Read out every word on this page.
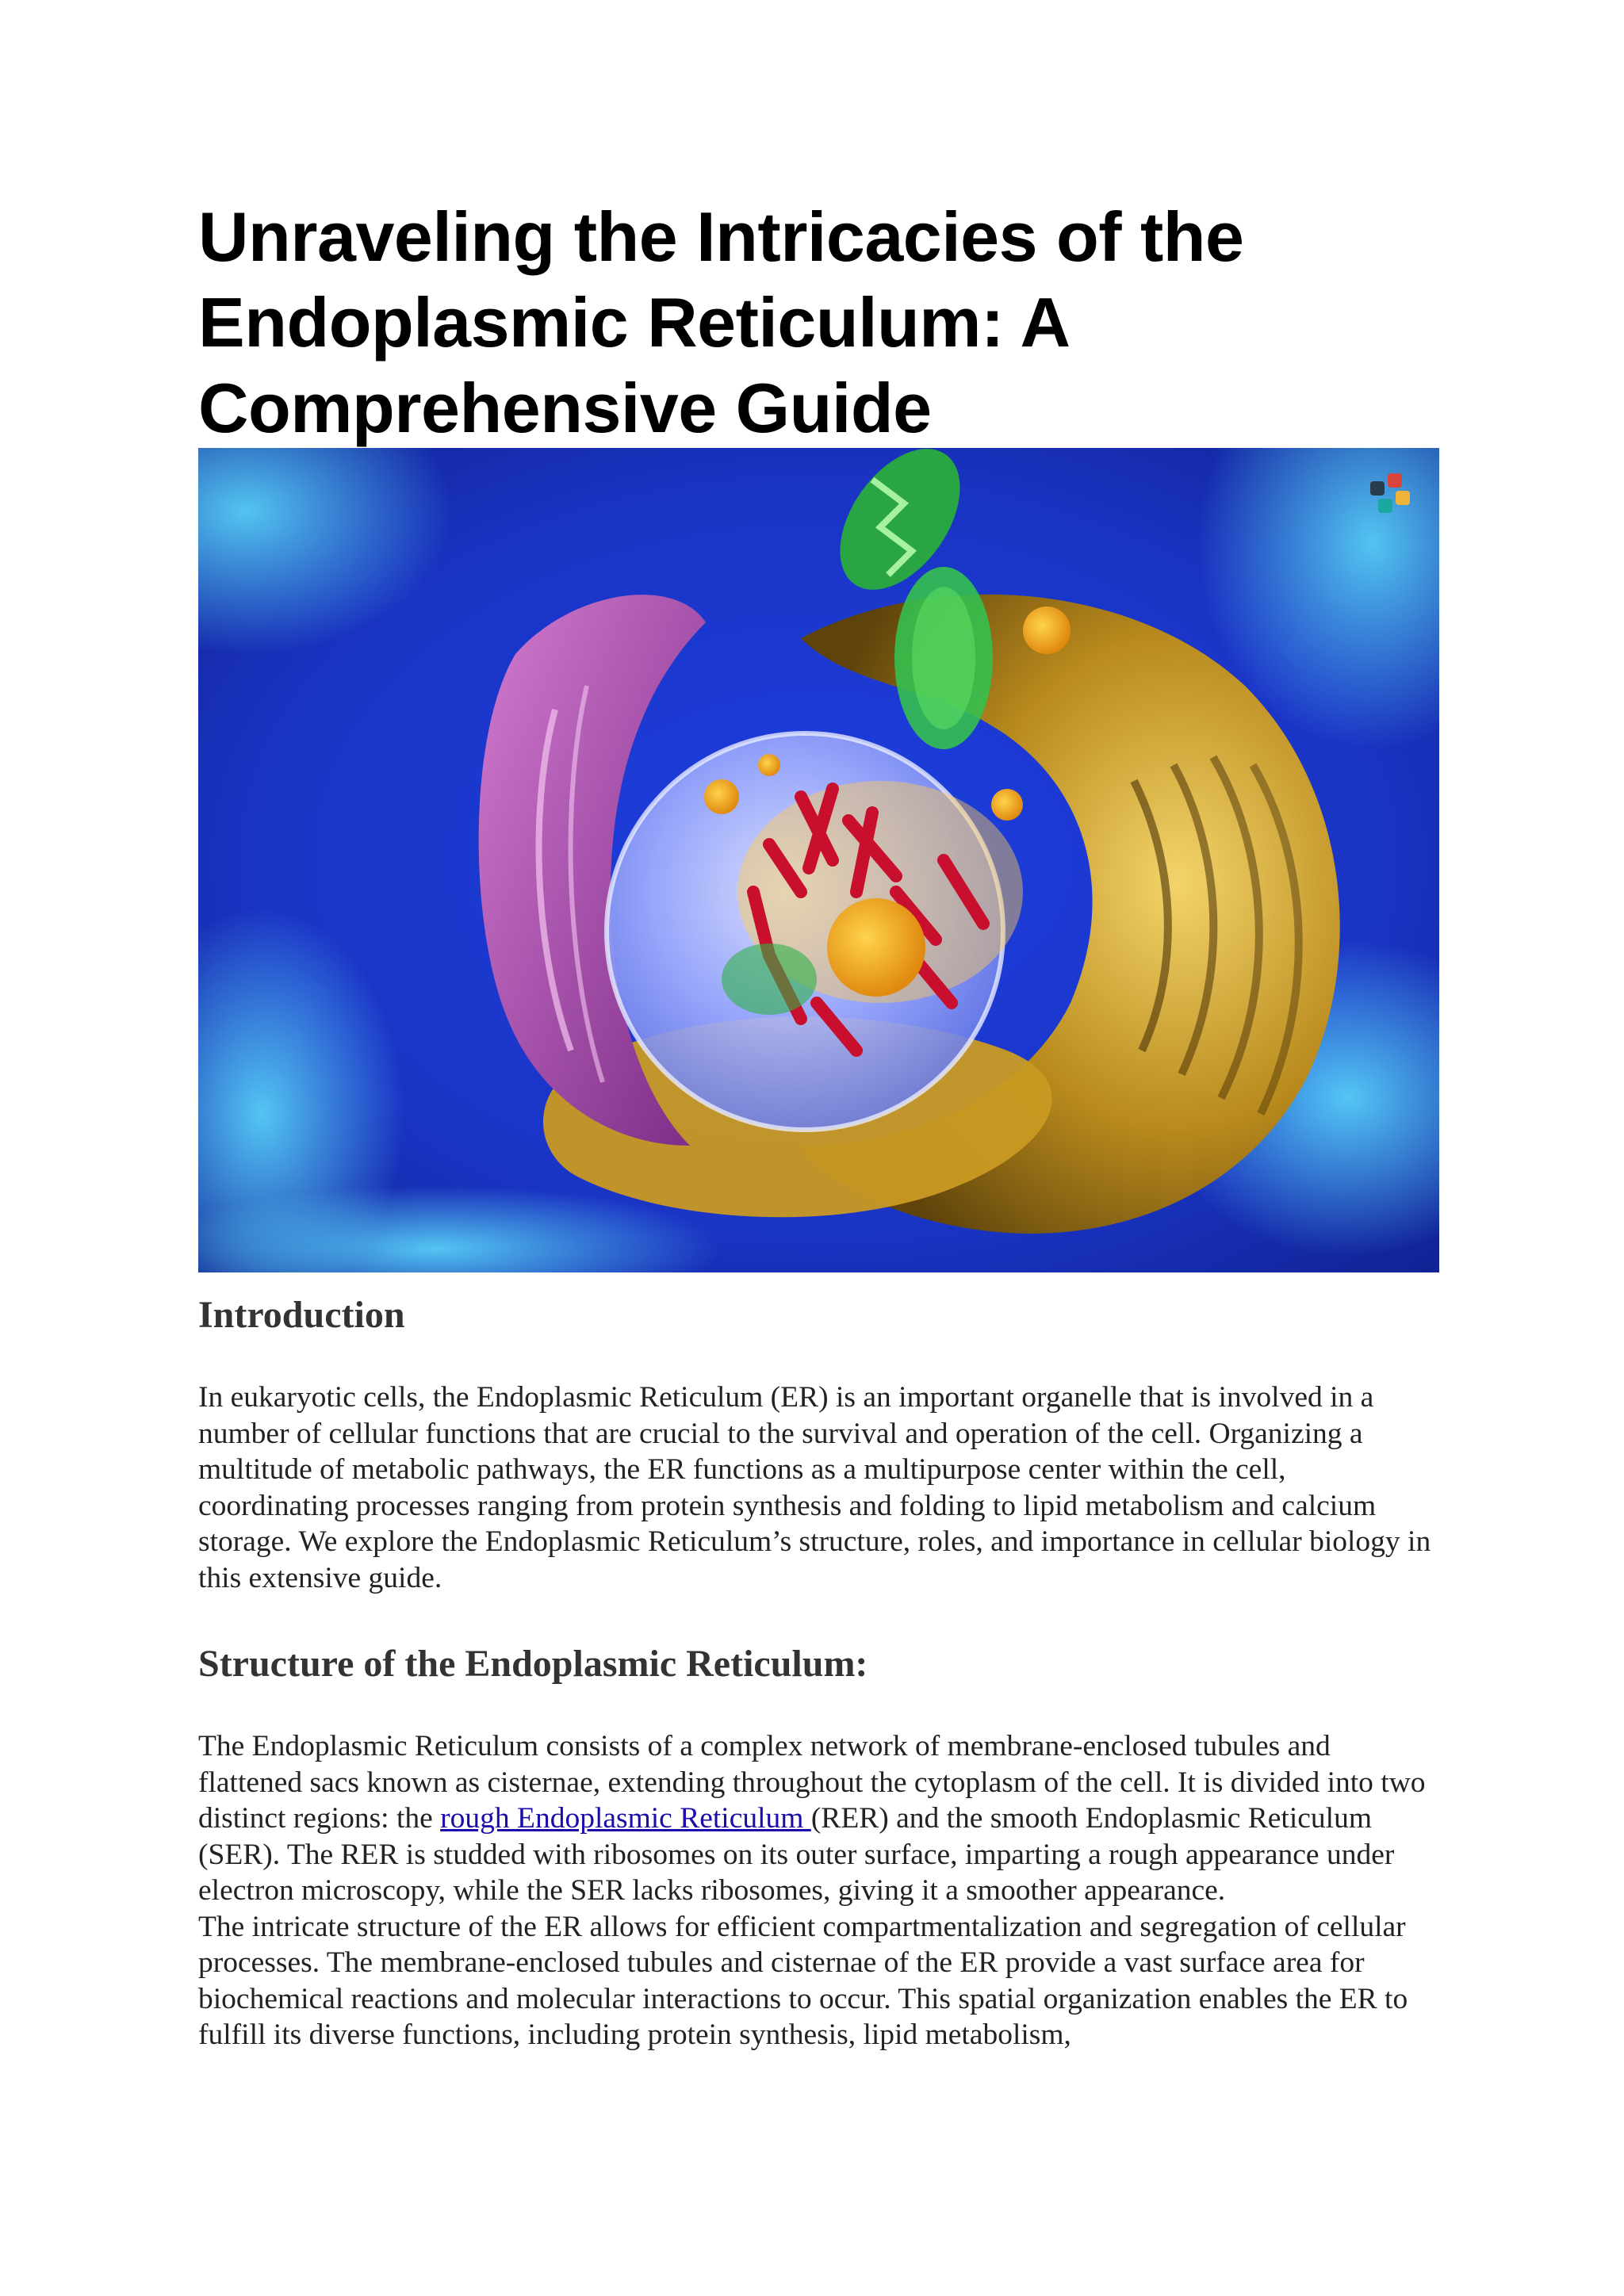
Unraveling the Intricacies of the Endoplasmic Reticulum: A Comprehensive Guide
Introduction

In eukaryotic cells, the Endoplasmic Reticulum (ER) is an important organelle that is involved in a number of cellular functions that are crucial to the survival and operation of the cell. Organizing a multitude of metabolic pathways, the ER functions as a multipurpose center within the cell, coordinating processes ranging from protein synthesis and folding to lipid metabolism and calcium storage. We explore the Endoplasmic Reticulum’s structure, roles, and importance in cellular biology in this extensive guide.

Structure of the Endoplasmic Reticulum:

The Endoplasmic Reticulum consists of a complex network of membrane-enclosed tubules and flattened sacs known as cisternae, extending throughout the cytoplasm of the cell. It is divided into two distinct regions: the rough Endoplasmic Reticulum (RER) and the smooth Endoplasmic Reticulum (SER). The RER is studded with ribosomes on its outer surface, imparting a rough appearance under electron microscopy, while the SER lacks ribosomes, giving it a smoother appearance.

The intricate structure of the ER allows for efficient compartmentalization and segregation of cellular processes. The membrane-enclosed tubules and cisternae of the ER provide a vast surface area for biochemical reactions and molecular interactions to occur. This spatial organization enables the ER to fulfill its diverse functions, including protein synthesis, lipid metabolism,
